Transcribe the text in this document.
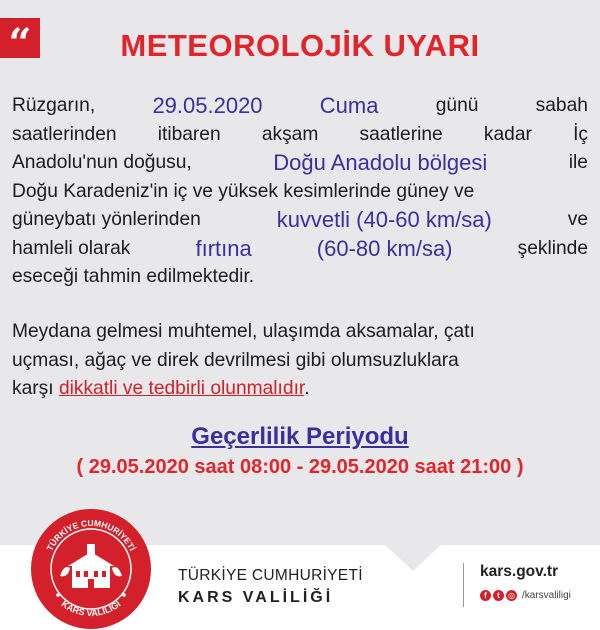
“	METEOROLOJİK UYARI
Rüzgarın,	29.05.2020	Cuma	günü	sabah
saatlerinden itibaren akşam saatlerine kadar İç
Anadolu'nun doğusu,	Doğu Anadolu bölgesi	ile
Doğu Karadeniz'in iç ve yüksek kesimlerinde güney ve
güneybatı yönlerinden	kuvvetli (40-60 km/sa)	ve
hamleli olarak	fırtına	(60-80 km/sa)	şeklinde
eseceği tahmin edilmektedir.
Meydana gelmesi muhtemel, ulaşımda aksamalar, çatı
uçması, ağaç ve direk devrilmesi gibi olumsuzluklara
karşı dikkatli ve tedbirli olunmalıdır.
Geçerlilik Periyodu
( 29.05.2020 saat 08:00 - 29.05.2020 saat 21:00 )
TÜRKİYE CUMHURİYETİ
KARS VALİLİĞİ
TÜRKİYE CUMHURİYETİ
KARS VALİLİĞİ
kars.gov.tr
f	t	◎ /karsvaliligi
